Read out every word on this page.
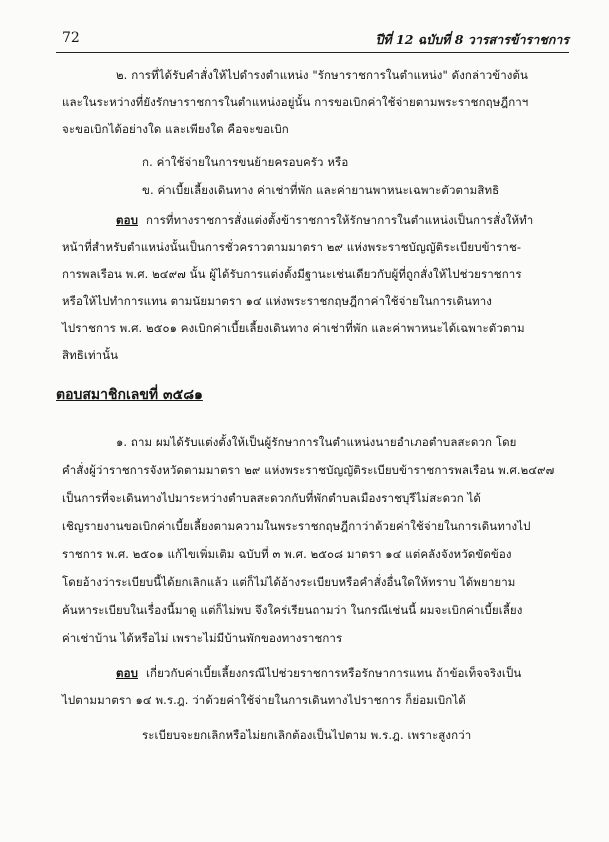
72	ปีที่ 12 ฉบับที่ 8 วารสารข้าราชการ
๒. การที่ได้รับคำสั่งให้ไปดำรงตำแหน่ง "รักษาราชการในตำแหน่ง" ดังกล่าวข้างต้น
และในระหว่างที่ยังรักษาราชการในตำแหน่งอยู่นั้น การขอเบิกค่าใช้จ่ายตามพระราชกฤษฎีกาฯ
จะขอเบิกได้อย่างใด และเพียงใด คือจะขอเบิก
ก. ค่าใช้จ่ายในการขนย้ายครอบครัว หรือ
ข. ค่าเบี้ยเลี้ยงเดินทาง ค่าเช่าที่พัก และค่ายานพาหนะเฉพาะตัวตามสิทธิ
ตอบ การที่ทางราชการสั่งแต่งตั้งข้าราชการให้รักษาการในตำแหน่งเป็นการสั่งให้ทำ
หน้าที่สำหรับตำแหน่งนั้นเป็นการชั่วคราวตามมาตรา ๒๙ แห่งพระราชบัญญัติระเบียบข้าราช-
การพลเรือน พ.ศ. ๒๔๙๗ นั้น ผู้ได้รับการแต่งตั้งมีฐานะเช่นเดียวกับผู้ที่ถูกสั่งให้ไปช่วยราชการ
หรือให้ไปทำการแทน ตามนัยมาตรา ๑๔ แห่งพระราชกฤษฎีกาค่าใช้จ่ายในการเดินทาง
ไปราชการ พ.ศ. ๒๕๐๑ คงเบิกค่าเบี้ยเลี้ยงเดินทาง ค่าเช่าที่พัก และค่าพาหนะได้เฉพาะตัวตาม
สิทธิเท่านั้น
ตอบสมาชิกเลขที่ ๓๕๘๑
๑. ถาม ผมได้รับแต่งตั้งให้เป็นผู้รักษาการในตำแหน่งนายอำเภอตำบลสะดวก โดย
คำสั่งผู้ว่าราชการจังหวัดตามมาตรา ๒๙ แห่งพระราชบัญญัติระเบียบข้าราชการพลเรือน พ.ศ.๒๔๙๗
เป็นการที่จะเดินทางไปมาระหว่างตำบลสะดวกกับที่พักตำบลเมืองราชบุรีไม่สะดวก ได้
เชิญรายงานขอเบิกค่าเบี้ยเลี้ยงตามความในพระราชกฤษฎีกาว่าด้วยค่าใช้จ่ายในการเดินทางไป
ราชการ พ.ศ. ๒๕๐๑ แก้ไขเพิ่มเติม ฉบับที่ ๓ พ.ศ. ๒๕๐๘ มาตรา ๑๔ แต่คลังจังหวัดขัดข้อง
โดยอ้างว่าระเบียบนี้ได้ยกเลิกแล้ว แต่ก็ไม่ได้อ้างระเบียบหรือคำสั่งอื่นใดให้ทราบ ได้พยายาม
ค้นหาระเบียบในเรื่องนี้มาดู แต่ก็ไม่พบ จึงใคร่เรียนถามว่า ในกรณีเช่นนี้ ผมจะเบิกค่าเบี้ยเลี้ยง
ค่าเช่าบ้าน ได้หรือไม่ เพราะไม่มีบ้านพักของทางราชการ
ตอบ เกี่ยวกับค่าเบี้ยเลี้ยงกรณีไปช่วยราชการหรือรักษาการแทน ถ้าข้อเท็จจริงเป็น
ไปตามมาตรา ๑๔ พ.ร.ฎ. ว่าด้วยค่าใช้จ่ายในการเดินทางไปราชการ ก็ย่อมเบิกได้
ระเบียบจะยกเลิกหรือไม่ยกเลิกต้องเป็นไปตาม พ.ร.ฎ. เพราะสูงกว่า
